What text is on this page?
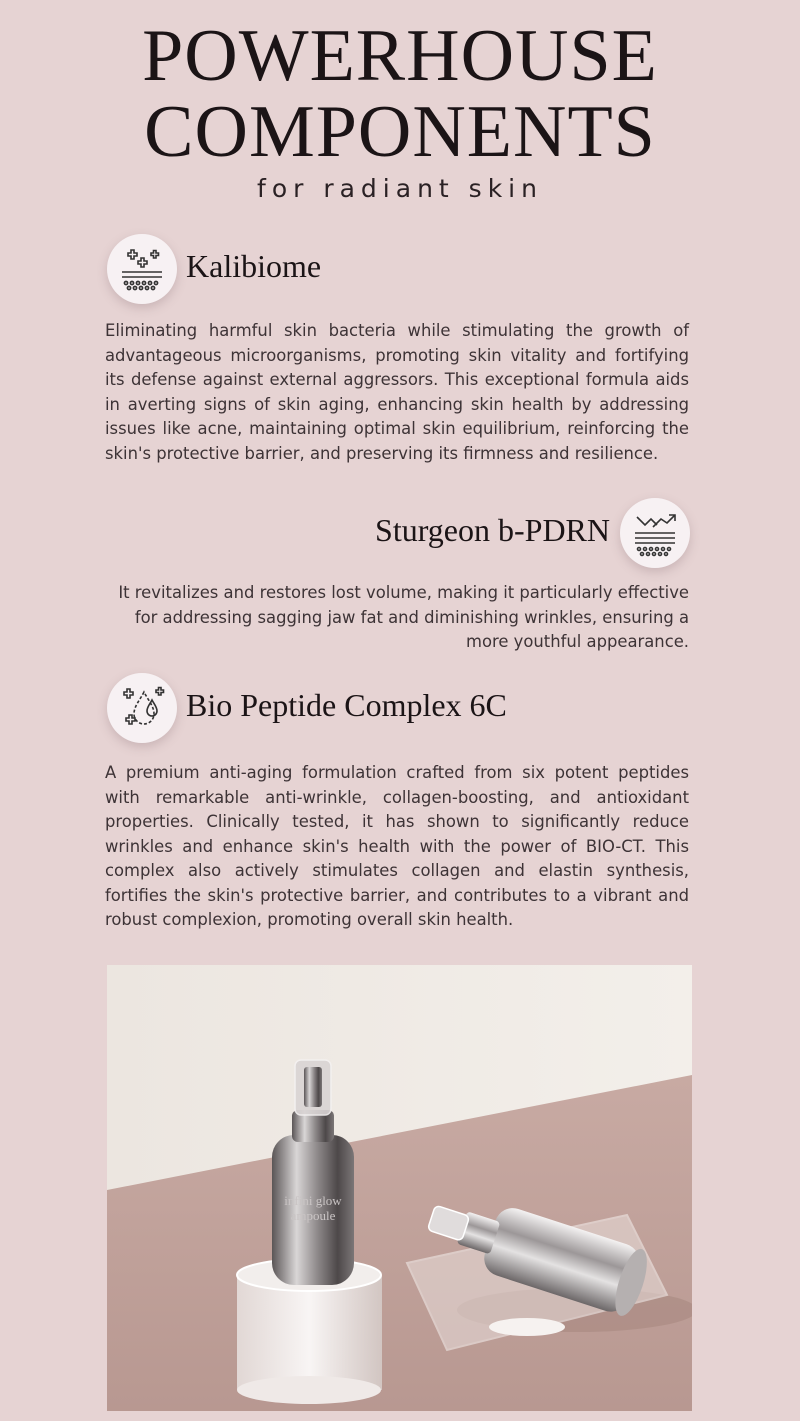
POWERHOUSE
COMPONENTS

for radiant skin

Kalibiome

Eliminating harmful skin bacteria while stimulating the growth of advantageous microorganisms, promoting skin vitality and fortifying its defense against external aggressors. This exceptional formula aids in averting signs of skin aging, enhancing skin health by addressing issues like acne, maintaining optimal skin equilibrium, reinforcing the skin's protective barrier, and preserving its firmness and resilience.

Sturgeon b-PDRN

It revitalizes and restores lost volume, making it particularly effective for addressing sagging jaw fat and diminishing wrinkles, ensuring a more youthful appearance.

Bio Peptide Complex 6C

A premium anti-aging formulation crafted from six potent peptides with remarkable anti-wrinkle, collagen-boosting, and antioxidant properties. Clinically tested, it has shown to significantly reduce wrinkles and enhance skin's health with the power of BIO-CT. This complex also actively stimulates collagen and elastin synthesis, fortifies the skin's protective barrier, and contributes to a vibrant and robust complexion, promoting overall skin health.

infini glow
ampoule
